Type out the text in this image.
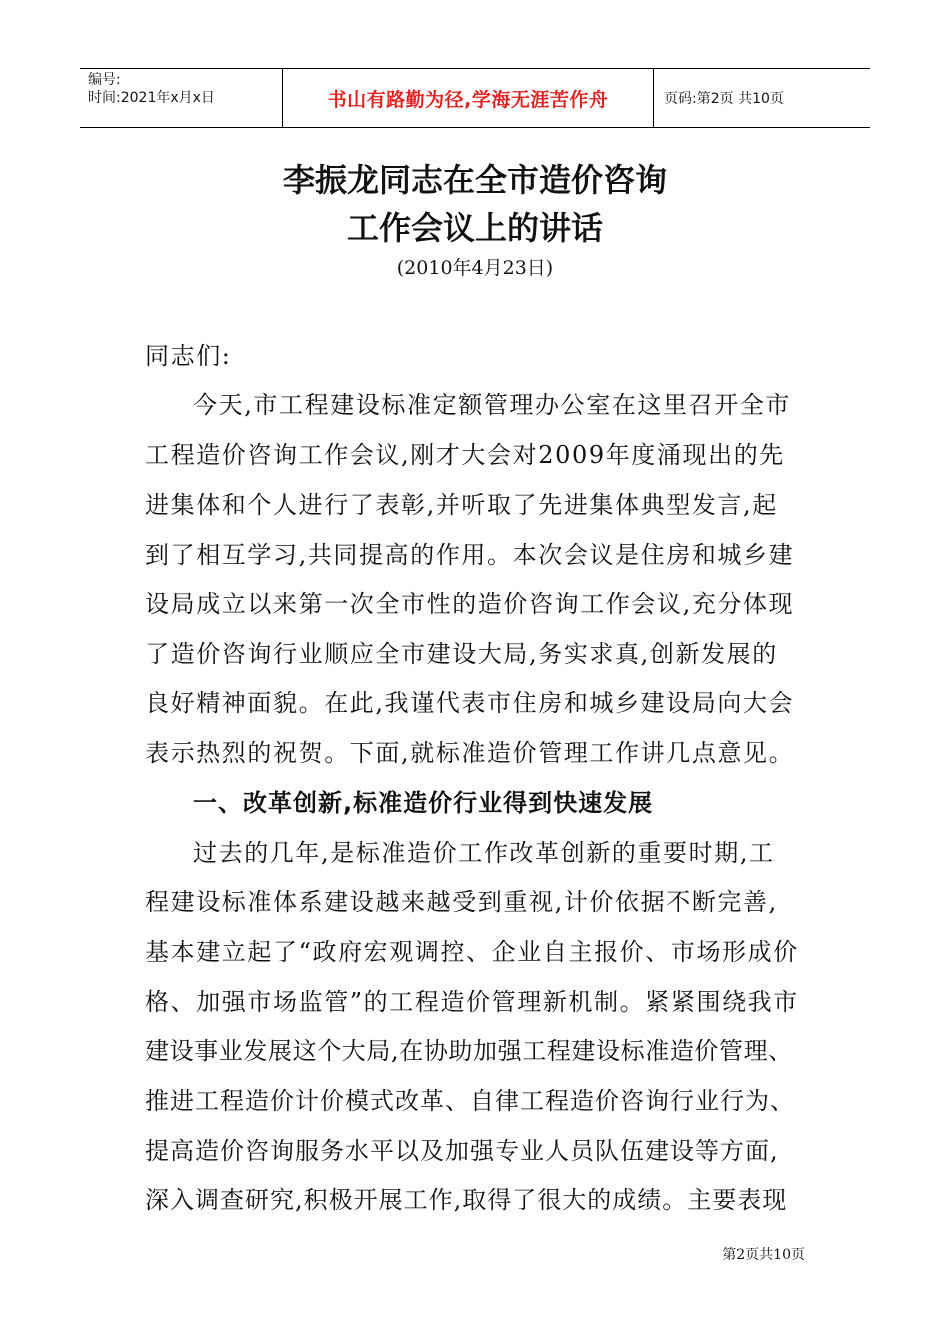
编号:
时间:2021年x月x日	书山有路勤为径,学海无涯苦作舟	页码:第2页 共10页
李振龙同志在全市造价咨询
工作会议上的讲话
(2010年4月23日)
同志们:
今天,市工程建设标准定额管理办公室在这里召开全市
工程造价咨询工作会议,刚才大会对2009年度涌现出的先
进集体和个人进行了表彰,并听取了先进集体典型发言,起
到了相互学习,共同提高的作用。本次会议是住房和城乡建
设局成立以来第一次全市性的造价咨询工作会议,充分体现
了造价咨询行业顺应全市建设大局,务实求真,创新发展的
良好精神面貌。在此,我谨代表市住房和城乡建设局向大会
表示热烈的祝贺。下面,就标准造价管理工作讲几点意见。
一、改革创新,标准造价行业得到快速发展
过去的几年,是标准造价工作改革创新的重要时期,工
程建设标准体系建设越来越受到重视,计价依据不断完善,
基本建立起了“政府宏观调控、企业自主报价、市场形成价
格、加强市场监管”的工程造价管理新机制。紧紧围绕我市
建设事业发展这个大局,在协助加强工程建设标准造价管理、
推进工程造价计价模式改革、自律工程造价咨询行业行为、
提高造价咨询服务水平以及加强专业人员队伍建设等方面,
深入调查研究,积极开展工作,取得了很大的成绩。主要表现
第2页共10页
